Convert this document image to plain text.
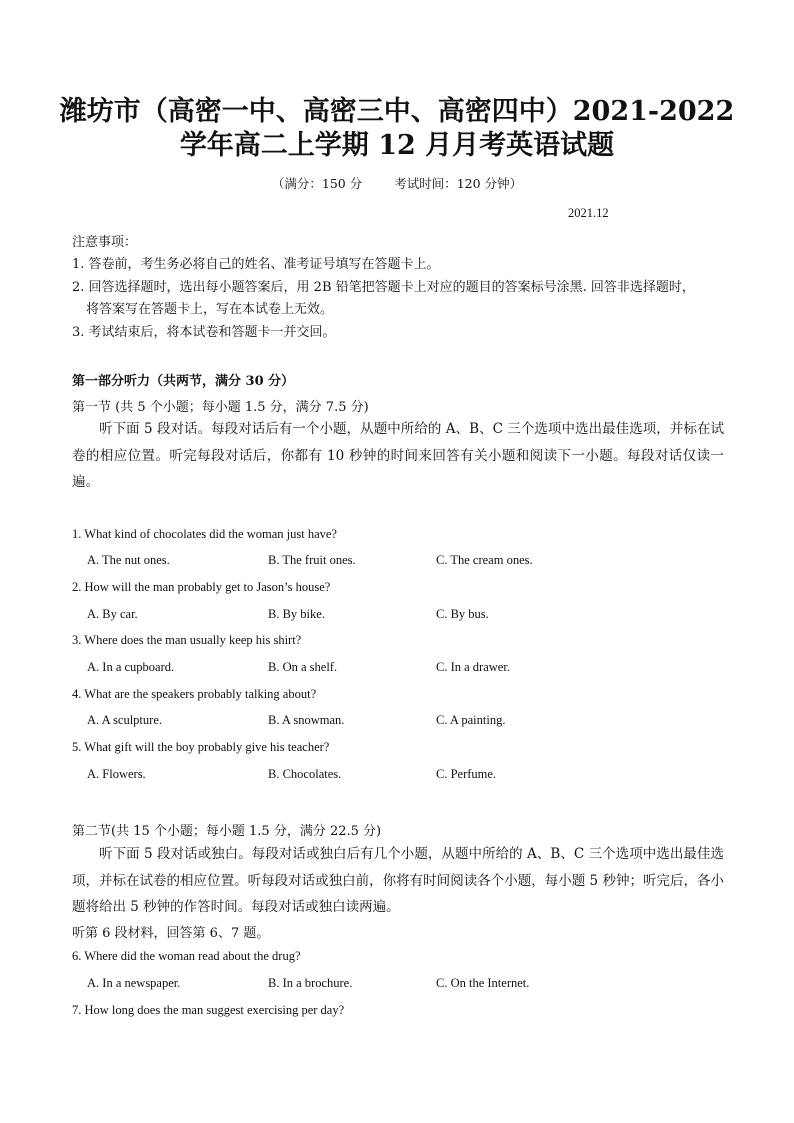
潍坊市（高密一中、高密三中、高密四中）2021-2022
学年高二上学期 12 月月考英语试题
（满分：150 分	考试时间：120 分钟）
2021.12
注意事项：
1. 答卷前，考生务必将自己的姓名、准考证号填写在答题卡上。
2. 回答选择题时，选出每小题答案后，用 2B 铅笔把答题卡上对应的题目的答案标号涂黑. 回答非选择题时，
将答案写在答题卡上，写在本试卷上无效。
3. 考试结束后，将本试卷和答题卡一并交回。
第一部分听力（共两节，满分 30 分）
第一节 (共 5 个小题；每小题 1.5 分，满分 7.5 分)
听下面 5 段对话。每段对话后有一个小题，从题中所给的 A、B、C 三个选项中选出最佳选项，并标在试卷的相应位置。听完每段对话后，你都有 10 秒钟的时间来回答有关小题和阅读下一小题。每段对话仅读一遍。
1. What kind of chocolates did the woman just have?
A. The nut ones.	B. The fruit ones.	C. The cream ones.
2. How will the man probably get to Jason’s house?
A. By car.	B. By bike.	C. By bus.
3. Where does the man usually keep his shirt?
A. In a cupboard.	B. On a shelf.	C. In a drawer.
4. What are the speakers probably talking about?
A. A sculpture.	B. A snowman.	C. A painting.
5. What gift will the boy probably give his teacher?
A. Flowers.	B. Chocolates.	C. Perfume.
第二节(共 15 个小题；每小题 1.5 分，满分 22.5 分)
听下面 5 段对话或独白。每段对话或独白后有几个小题，从题中所给的 A、B、C 三个选项中选出最佳选项，并标在试卷的相应位置。听每段对话或独白前，你将有时间阅读各个小题，每小题 5 秒钟；听完后，各小题将给出 5 秒钟的作答时间。每段对话或独白读两遍。
听第 6 段材料，回答第 6、7 题。
6. Where did the woman read about the drug?
A. In a newspaper.	B. In a brochure.	C. On the Internet.
7. How long does the man suggest exercising per day?
